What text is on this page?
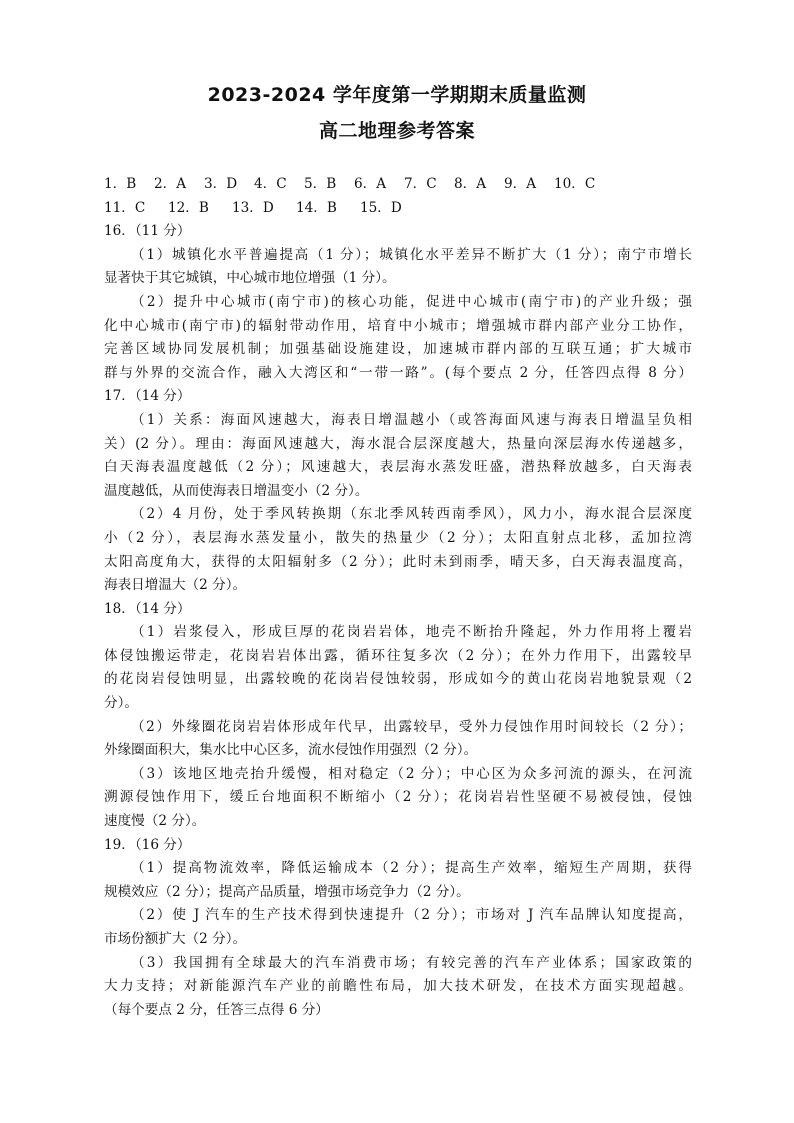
2023-2024 学年度第一学期期末质量监测
高二地理参考答案
1．B 2．A 3．D 4．C 5．B 6．A 7．C 8．A 9．A 10．C
11．C 12．B 13．D 14．B 15．D
16．（11 分）
（1）城镇化水平普遍提高（1 分）；城镇化水平差异不断扩大（1 分）；南宁市增长
显著快于其它城镇，中心城市地位增强（1 分）。
（2）提升中心城市(南宁市)的核心功能，促进中心城市(南宁市)的产业升级；强
化中心城市(南宁市)的辐射带动作用，培育中小城市；增强城市群内部产业分工协作，
完善区域协同发展机制；加强基础设施建设，加速城市群内部的互联互通；扩大城市
群与外界的交流合作，融入大湾区和“一带一路”。(每个要点 2 分，任答四点得 8 分）
17．（14 分）
（1）关系：海面风速越大，海表日增温越小（或答海面风速与海表日增温呈负相
关）(2 分）。理由：海面风速越大，海水混合层深度越大，热量向深层海水传递越多，
白天海表温度越低（2 分）；风速越大，表层海水蒸发旺盛，潜热释放越多，白天海表
温度越低，从而使海表日增温变小（2 分）。
（2）4 月份，处于季风转换期（东北季风转西南季风），风力小，海水混合层深度
小（2 分），表层海水蒸发量小，散失的热量少（2 分）；太阳直射点北移，孟加拉湾
太阳高度角大，获得的太阳辐射多（2 分）；此时未到雨季，晴天多，白天海表温度高，
海表日增温大（2 分）。
18．（14 分）
（1）岩浆侵入，形成巨厚的花岗岩岩体，地壳不断抬升隆起，外力作用将上覆岩
体侵蚀搬运带走，花岗岩岩体出露，循环往复多次（2 分）；在外力作用下，出露较早
的花岗岩侵蚀明显，出露较晚的花岗岩侵蚀较弱，形成如今的黄山花岗岩地貌景观（2
分）。
（2）外缘圈花岗岩岩体形成年代早，出露较早，受外力侵蚀作用时间较长（2 分）；
外缘圈面积大，集水比中心区多，流水侵蚀作用强烈（2 分）。
（3）该地区地壳抬升缓慢，相对稳定（2 分）；中心区为众多河流的源头，在河流
溯源侵蚀作用下，缓丘台地面积不断缩小（2 分）；花岗岩岩性坚硬不易被侵蚀，侵蚀
速度慢（2 分）。
19．（16 分）
（1）提高物流效率，降低运输成本（2 分）；提高生产效率，缩短生产周期，获得
规模效应（2 分）；提高产品质量，增强市场竞争力（2 分）。
（2）使 J 汽车的生产技术得到快速提升（2 分）；市场对 J 汽车品牌认知度提高，
市场份额扩大（2 分）。
（3）我国拥有全球最大的汽车消费市场；有较完善的汽车产业体系；国家政策的
大力支持；对新能源汽车产业的前瞻性布局，加大技术研发，在技术方面实现超越。
（每个要点 2 分，任答三点得 6 分）
